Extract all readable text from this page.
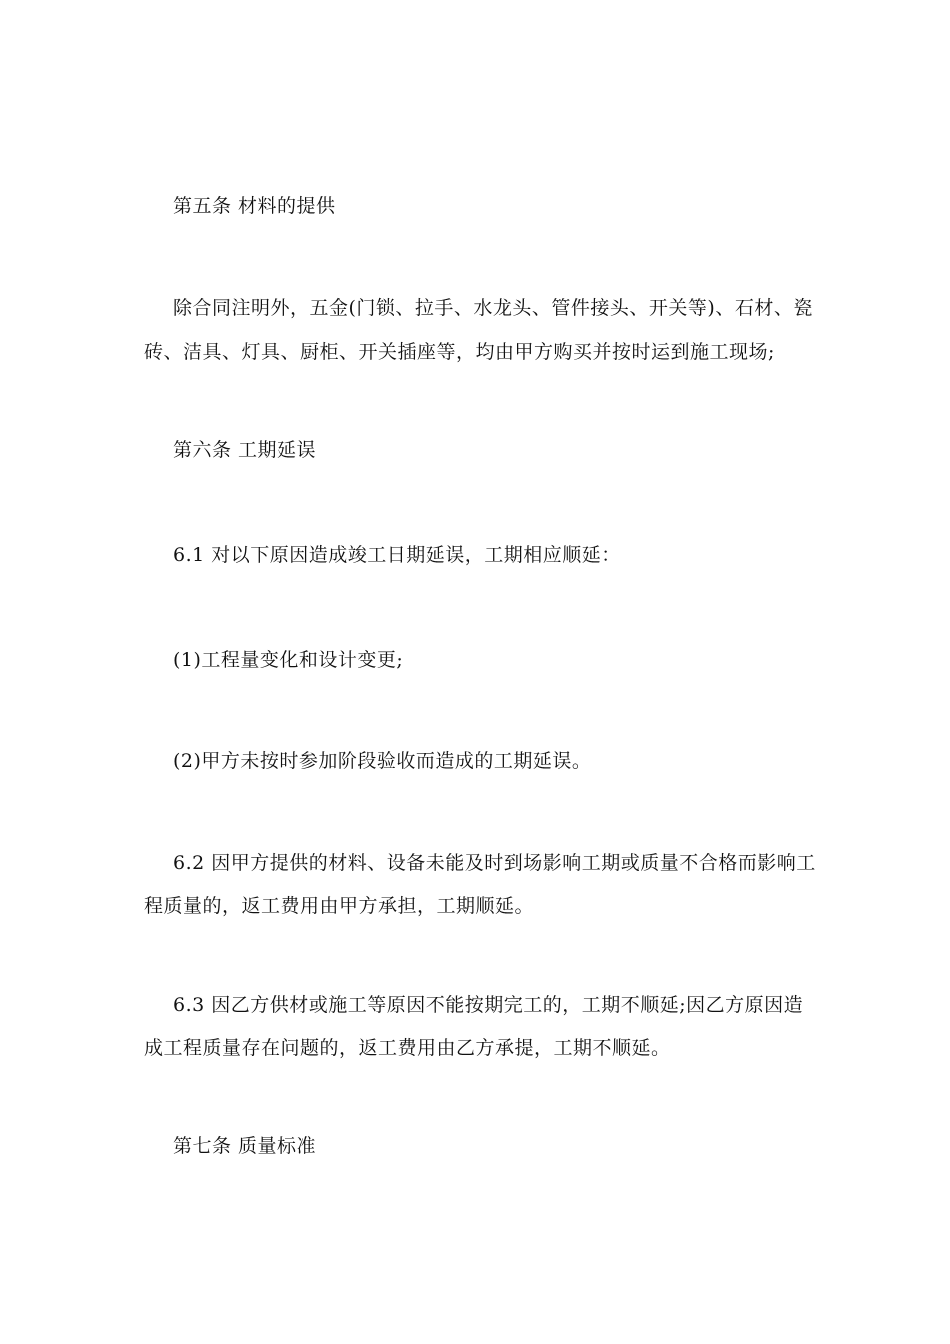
第五条 材料的提供
除合同注明外，五金(门锁、拉手、水龙头、管件接头、开关等)、石材、瓷
砖、洁具、灯具、厨柜、开关插座等，均由甲方购买并按时运到施工现场;
第六条 工期延误
6.1 对以下原因造成竣工日期延误，工期相应顺延：
(1)工程量变化和设计变更;
(2)甲方未按时参加阶段验收而造成的工期延误。
6.2 因甲方提供的材料、设备未能及时到场影响工期或质量不合格而影响工
程质量的，返工费用由甲方承担，工期顺延。
6.3 因乙方供材或施工等原因不能按期完工的，工期不顺延;因乙方原因造
成工程质量存在问题的，返工费用由乙方承提，工期不顺延。
第七条 质量标准
